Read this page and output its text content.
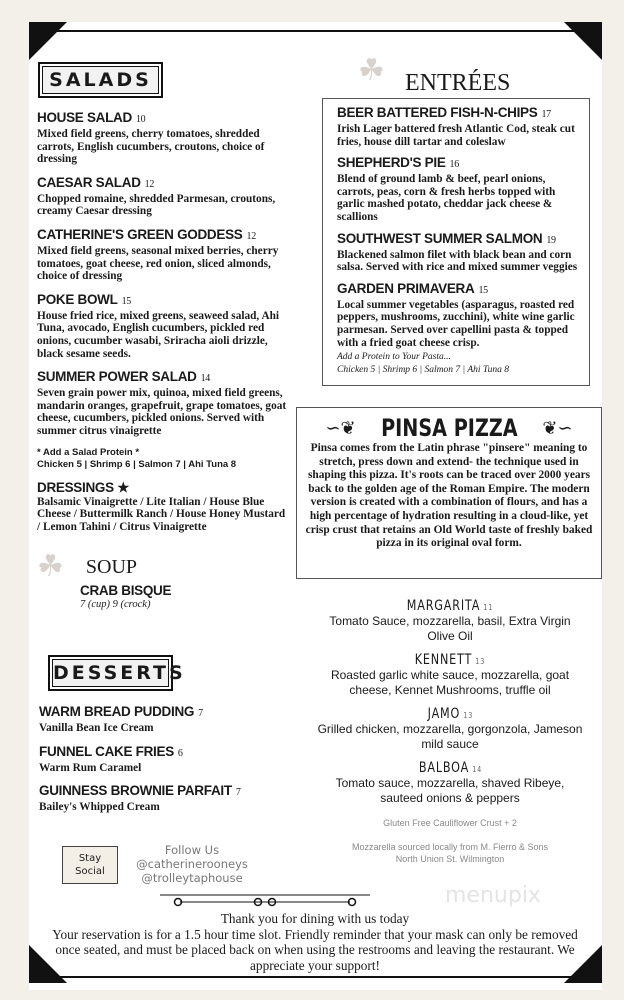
SALADS
HOUSE SALAD 10
Mixed field greens, cherry tomatoes, shredded carrots, English cucumbers, croutons, choice of dressing
CAESAR SALAD 12
Chopped romaine, shredded Parmesan, croutons, creamy Caesar dressing
CATHERINE'S GREEN GODDESS 12
Mixed field greens, seasonal mixed berries, cherry tomatoes, goat cheese, red onion, sliced almonds, choice of dressing
POKE BOWL 15
House fried rice, mixed greens, seaweed salad, Ahi Tuna, avocado, English cucumbers, pickled red onions, cucumber wasabi, Sriracha aioli drizzle, black sesame seeds.
SUMMER POWER SALAD 14
Seven grain power mix, quinoa, mixed field greens, mandarin oranges, grapefruit, grape tomatoes, goat cheese, cucumbers, pickled onions. Served with summer citrus vinaigrette
* Add a Salad Protein *
Chicken 5 | Shrimp 6 | Salmon 7 | Ahi Tuna 8
DRESSINGS ★
Balsamic Vinaigrette / Lite Italian / House Blue Cheese / Buttermilk Ranch / House Honey Mustard / Lemon Tahini / Citrus Vinaigrette
☘ SOUP
CRAB BISQUE
7 (cup) 9 (crock)
DESSERTS
WARM BREAD PUDDING 7
Vanilla Bean Ice Cream
FUNNEL CAKE FRIES 6
Warm Rum Caramel
GUINNESS BROWNIE PARFAIT 7
Bailey's Whipped Cream
Stay
Social
Follow Us
@catherinerooneys
@trolleytaphouse
☘ ENTRÉES
BEER BATTERED FISH-N-CHIPS 17
Irish Lager battered fresh Atlantic Cod, steak cut fries, house dill tartar and coleslaw
SHEPHERD'S PIE 16
Blend of ground lamb & beef, pearl onions, carrots, peas, corn & fresh herbs topped with garlic mashed potato, cheddar jack cheese & scallions
SOUTHWEST SUMMER SALMON 19
Blackened salmon filet with black bean and corn salsa. Served with rice and mixed summer veggies
GARDEN PRIMAVERA 15
Local summer vegetables (asparagus, roasted red peppers, mushrooms, zucchini), white wine garlic parmesan. Served over capellini pasta & topped with a fried goat cheese crisp.
Add a Protein to Your Pasta...
Chicken 5 | Shrimp 6 | Salmon 7 | Ahi Tuna 8
∽❦ PINSA PIZZA ❦∽
Pinsa comes from the Latin phrase "pinsere" meaning to stretch, press down and extend- the technique used in shaping this pizza. It's roots can be traced over 2000 years back to the golden age of the Roman Empire. The modern version is created with a combination of flours, and has a high percentage of hydration resulting in a cloud-like, yet crisp crust that retains an Old World taste of freshly baked pizza in its original oval form.
MARGARITA 11
Tomato Sauce, mozzarella, basil, Extra Virgin Olive Oil
KENNETT 13
Roasted garlic white sauce, mozzarella, goat cheese, Kennet Mushrooms, truffle oil
JAMO 13
Grilled chicken, mozzarella, gorgonzola, Jameson mild sauce
BALBOA 14
Tomato sauce, mozzarella, shaved Ribeye, sauteed onions & peppers
Gluten Free Cauliflower Crust + 2
Mozzarella sourced locally from M. Fierro & Sons
North Union St. Wilmington
menupix
Thank you for dining with us today
Your reservation is for a 1.5 hour time slot. Friendly reminder that your mask can only be removed once seated, and must be placed back on when using the restrooms and leaving the restaurant. We appreciate your support!
